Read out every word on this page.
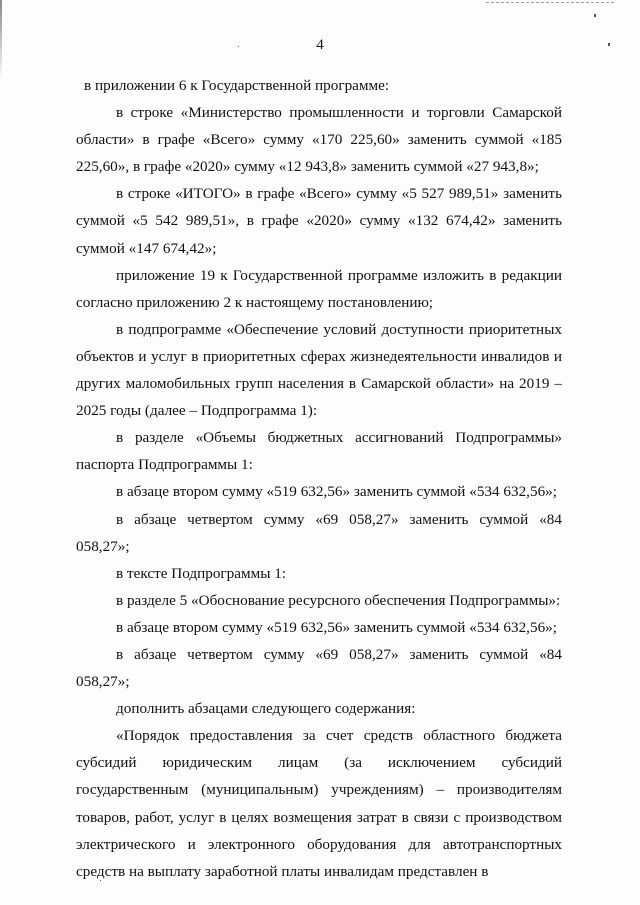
4

в приложении 6 к Государственной программе:

в строке «Министерство промышленности и торговли Самарской области» в графе «Всего» сумму «170 225,60» заменить суммой «185 225,60», в графе «2020» сумму «12 943,8» заменить суммой «27 943,8»;

в строке «ИТОГО» в графе «Всего» сумму «5 527 989,51» заменить суммой «5 542 989,51», в графе «2020» сумму «132 674,42» заменить суммой «147 674,42»;

приложение 19 к Государственной программе изложить в редакции согласно приложению 2 к настоящему постановлению;

в подпрограмме «Обеспечение условий доступности приоритетных объектов и услуг в приоритетных сферах жизнедеятельности инвалидов и других маломобильных групп населения в Самарской области» на 2019 – 2025 годы (далее – Подпрограмма 1):

в разделе «Объемы бюджетных ассигнований Подпрограммы» паспорта Подпрограммы 1:

в абзаце втором сумму «519 632,56» заменить суммой «534 632,56»;

в абзаце четвертом сумму «69 058,27» заменить суммой «84 058,27»;

в тексте Подпрограммы 1:

в разделе 5 «Обоснование ресурсного обеспечения Подпрограммы»:

в абзаце втором сумму «519 632,56» заменить суммой «534 632,56»;

в абзаце четвертом сумму «69 058,27» заменить суммой «84 058,27»;

дополнить абзацами следующего содержания:

«Порядок предоставления за счет средств областного бюджета субсидий юридическим лицам (за исключением субсидий государственным (муниципальным) учреждениям) – производителям товаров, работ, услуг в целях возмещения затрат в связи с производством электрического и электронного оборудования для автотранспортных средств на выплату заработной платы инвалидам представлен в
